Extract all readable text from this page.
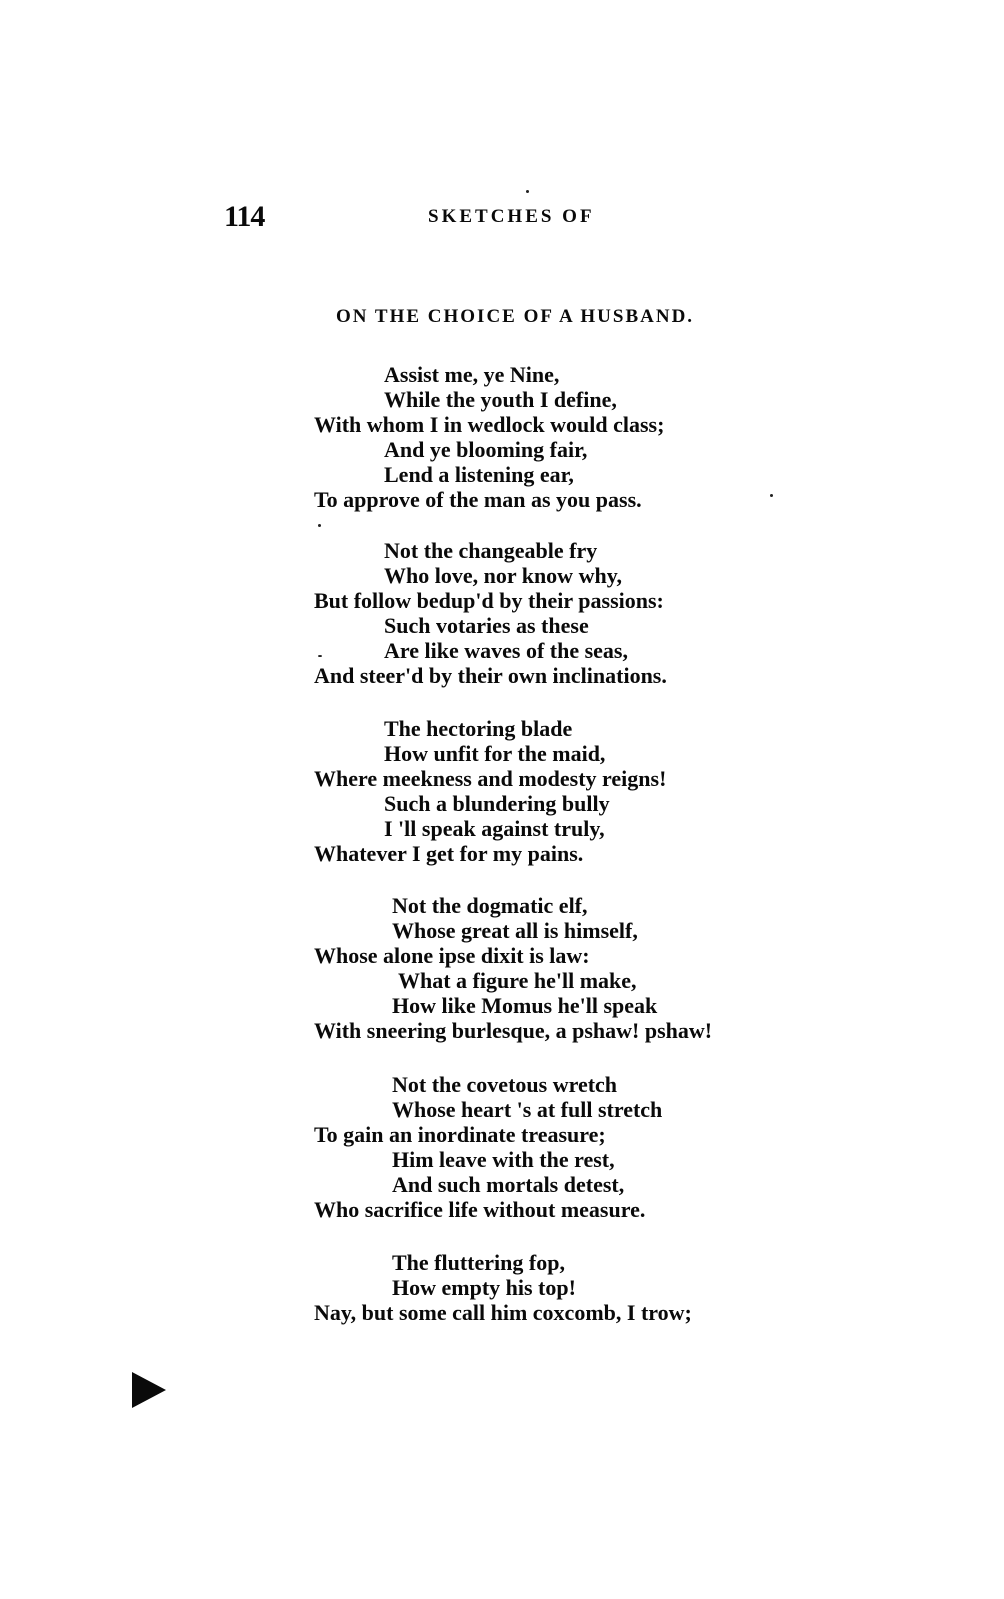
114	SKETCHES OF
ON THE CHOICE OF A HUSBAND.
Assist me, ye Nine,
While the youth I define,
With whom I in wedlock would class;
And ye blooming fair,
Lend a listening ear,
To approve of the man as you pass.
Not the changeable fry
Who love, nor know why,
But follow bedup'd by their passions:
Such votaries as these
Are like waves of the seas,
And steer'd by their own inclinations.
The hectoring blade
How unfit for the maid,
Where meekness and modesty reigns!
Such a blundering bully
I 'll speak against truly,
Whatever I get for my pains.
Not the dogmatic elf,
Whose great all is himself,
Whose alone ipse dixit is law:
What a figure he'll make,
How like Momus he'll speak
With sneering burlesque, a pshaw! pshaw!
Not the covetous wretch
Whose heart 's at full stretch
To gain an inordinate treasure;
Him leave with the rest,
And such mortals detest,
Who sacrifice life without measure.
The fluttering fop,
How empty his top!
Nay, but some call him coxcomb, I trow;
